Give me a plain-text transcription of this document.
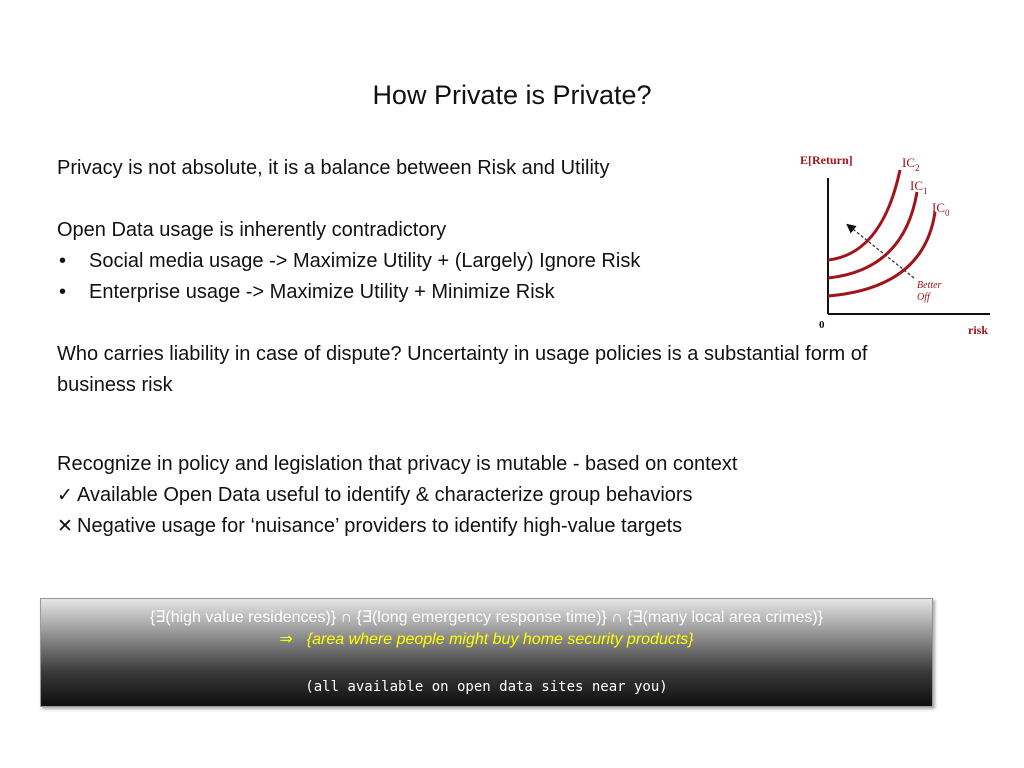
How Private is Private?
Privacy is not absolute, it is a balance between Risk and Utility
Open Data usage is inherently contradictory
• Social media usage -> Maximize Utility + (Largely) Ignore Risk
• Enterprise usage -> Maximize Utility + Minimize Risk
Who carries liability in case of dispute? Uncertainty in usage policies is a substantial form of business risk
Recognize in policy and legislation that privacy is mutable - based on context
✓ Available Open Data useful to identify & characterize group behaviors
✕ Negative usage for ‘nuisance’ providers to identify high-value targets
E[Return]
risk
0
$IC_2$
$IC_1$
$IC_0$
Better
Off
{∃(high value residences)} ∩ {∃(long emergency response time)} ∩ {∃(many local area crimes)}
⇒ {area where people might buy home security products}
(all available on open data sites near you)
